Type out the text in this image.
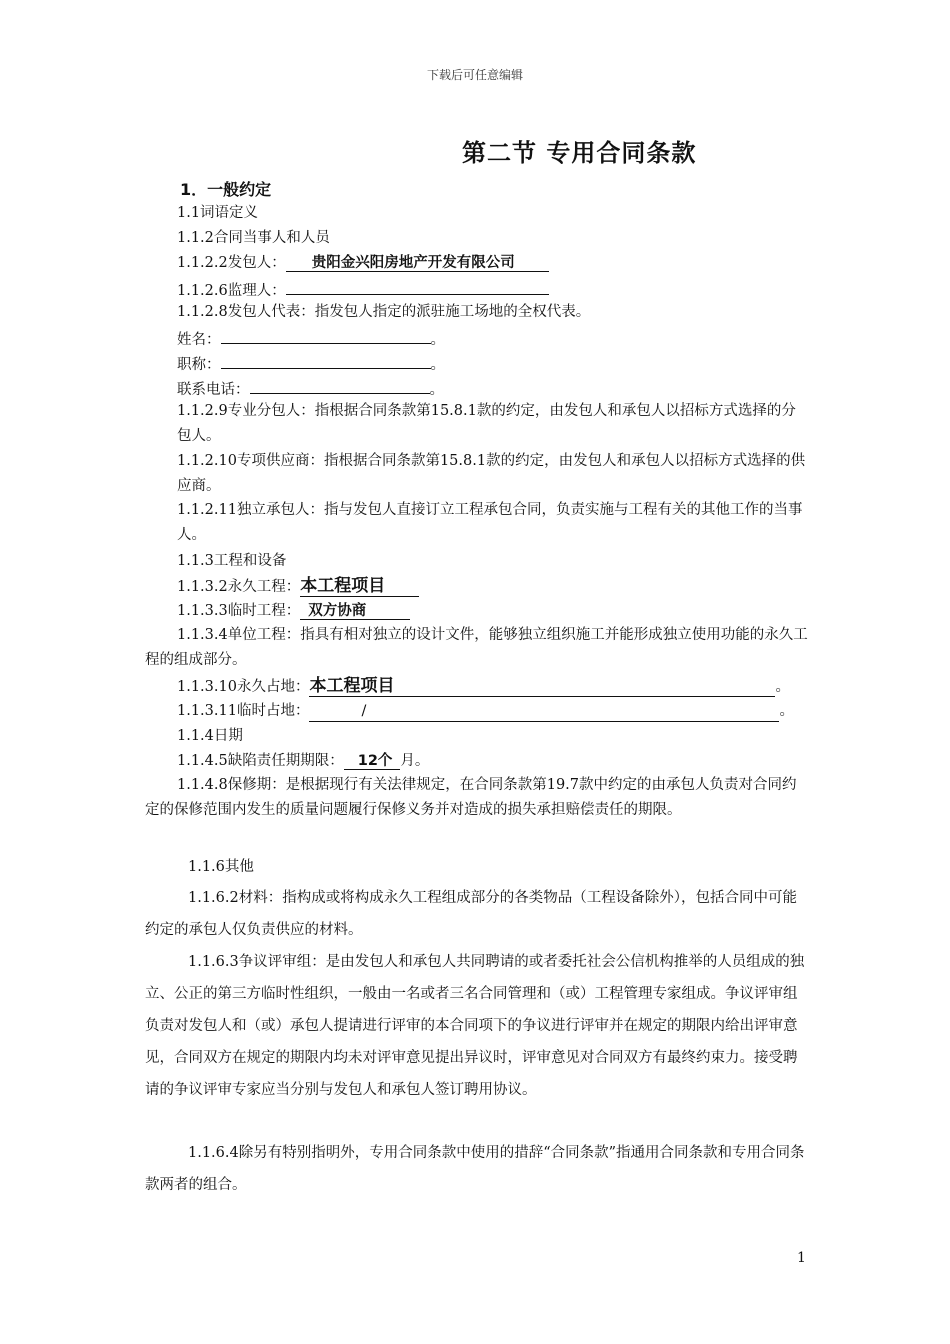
下载后可任意编辑
第二节 专用合同条款
1．一般约定
1.1词语定义
1.1.2合同当事人和人员
1.1.2.2发包人： 贵阳金兴阳房地产开发有限公司
1.1.2.6监理人：
1.1.2.8发包人代表：指发包人指定的派驻施工场地的全权代表。
姓名：	。
职称：	。
联系电话：	。
1.1.2.9专业分包人：指根据合同条款第15.8.1款的约定，由发包人和承包人以招标方式选择的分包人。
1.1.2.10专项供应商：指根据合同条款第15.8.1款的约定，由发包人和承包人以招标方式选择的供应商。
1.1.2.11独立承包人：指与发包人直接订立工程承包合同，负责实施与工程有关的其他工作的当事人。
1.1.3工程和设备
1.1.3.2永久工程：本工程项目
1.1.3.3临时工程： 双方协商
1.1.3.4单位工程：指具有相对独立的设计文件，能够独立组织施工并能形成独立使用功能的永久工程的组成部分。
1.1.3.10永久占地：本工程项目	。
1.1.3.11临时占地：	/	。
1.1.4日期
1.1.4.5缺陷责任期期限： 12个 月。
1.1.4.8保修期：是根据现行有关法律规定，在合同条款第19.7款中约定的由承包人负责对合同约定的保修范围内发生的质量问题履行保修义务并对造成的损失承担赔偿责任的期限。
1.1.6其他
1.1.6.2材料：指构成或将构成永久工程组成部分的各类物品（工程设备除外），包括合同中可能约定的承包人仅负责供应的材料。
1.1.6.3争议评审组：是由发包人和承包人共同聘请的或者委托社会公信机构推举的人员组成的独立、公正的第三方临时性组织，一般由一名或者三名合同管理和（或）工程管理专家组成。争议评审组负责对发包人和（或）承包人提请进行评审的本合同项下的争议进行评审并在规定的期限内给出评审意见，合同双方在规定的期限内均未对评审意见提出异议时，评审意见对合同双方有最终约束力。接受聘请的争议评审专家应当分别与发包人和承包人签订聘用协议。
1.1.6.4除另有特别指明外，专用合同条款中使用的措辞“合同条款”指通用合同条款和专用合同条款两者的组合。
1
